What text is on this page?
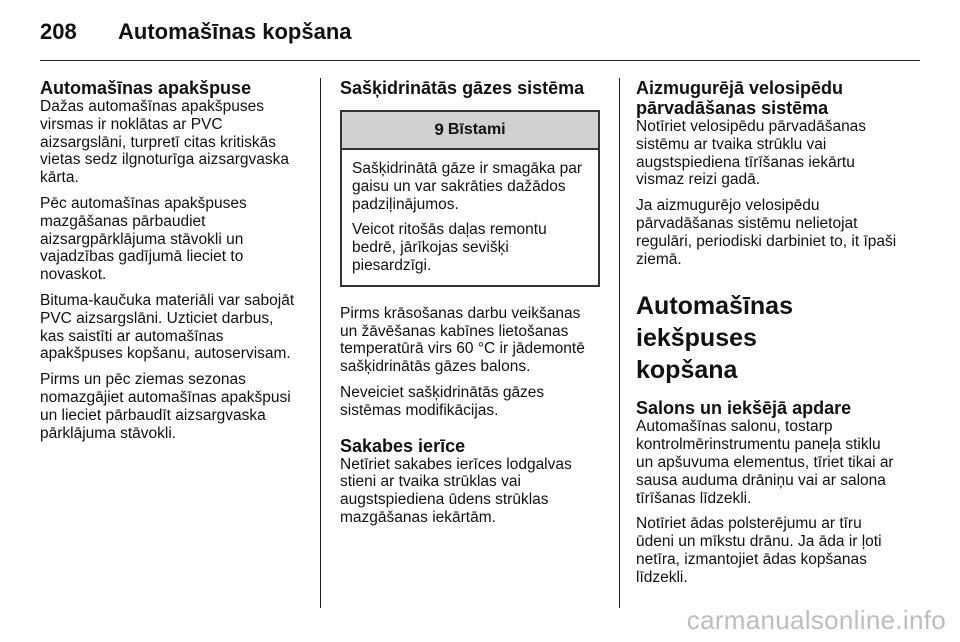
208	Automašīnas kopšana
Automašīnas apakšpuse

Dažas automašīnas apakšpuses
virsmas ir noklātas ar PVC
aizsargslāni, turpretī citas kritiskās
vietas sedz ilgnoturīga aizsargvaska
kārta.

Pēc automašīnas apakšpuses
mazgāšanas pārbaudiet
aizsargpārklājuma stāvokli un
vajadzības gadījumā lieciet to
novaskot.

Bituma-kaučuka materiāli var sabojāt
PVC aizsargslāni. Uzticiet darbus,
kas saistīti ar automašīnas
apakšpuses kopšanu, autoservisam.

Pirms un pēc ziemas sezonas
nomazgājiet automašīnas apakšpusi
un lieciet pārbaudīt aizsargvaska
pārklājuma stāvokli.

Sašķidrinātās gāzes sistēma
9 Bīstami

Sašķidrinātā gāze ir smagāka par
gaisu un var sakrāties dažādos
padziļinājumos.

Veicot ritošās daļas remontu
bedrē, jārīkojas sevišķi
piesardzīgi.

Pirms krāsošanas darbu veikšanas
un žāvēšanas kabīnes lietošanas
temperatūrā virs 60 °C ir jādemontē
sašķidrinātās gāzes balons.

Neveiciet sašķidrinātās gāzes
sistēmas modifikācijas.

Sakabes ierīce

Netīriet sakabes ierīces lodgalvas
stieni ar tvaika strūklas vai
augstspiediena ūdens strūklas
mazgāšanas iekārtām.

Aizmugurējā velosipēdu
pārvadāšanas sistēma

Notīriet velosipēdu pārvadāšanas
sistēmu ar tvaika strūklu vai
augstspiediena tīrīšanas iekārtu
vismaz reizi gadā.

Ja aizmugurējo velosipēdu
pārvadāšanas sistēmu nelietojat
regulāri, periodiski darbiniet to, it īpaši
ziemā.

Automašīnas iekšpuses
kopšana
Salons un iekšējā apdare

Automašīnas salonu, tostarp
kontrolmērinstrumentu paneļa stiklu
un apšuvuma elementus, tīriet tikai ar
sausa auduma drāniņu vai ar salona
tīrīšanas līdzekli.

Notīriet ādas polsterējumu ar tīru
ūdeni un mīkstu drānu. Ja āda ir ļoti
netīra, izmantojiet ādas kopšanas
līdzekli.

carmanualsonline.info
